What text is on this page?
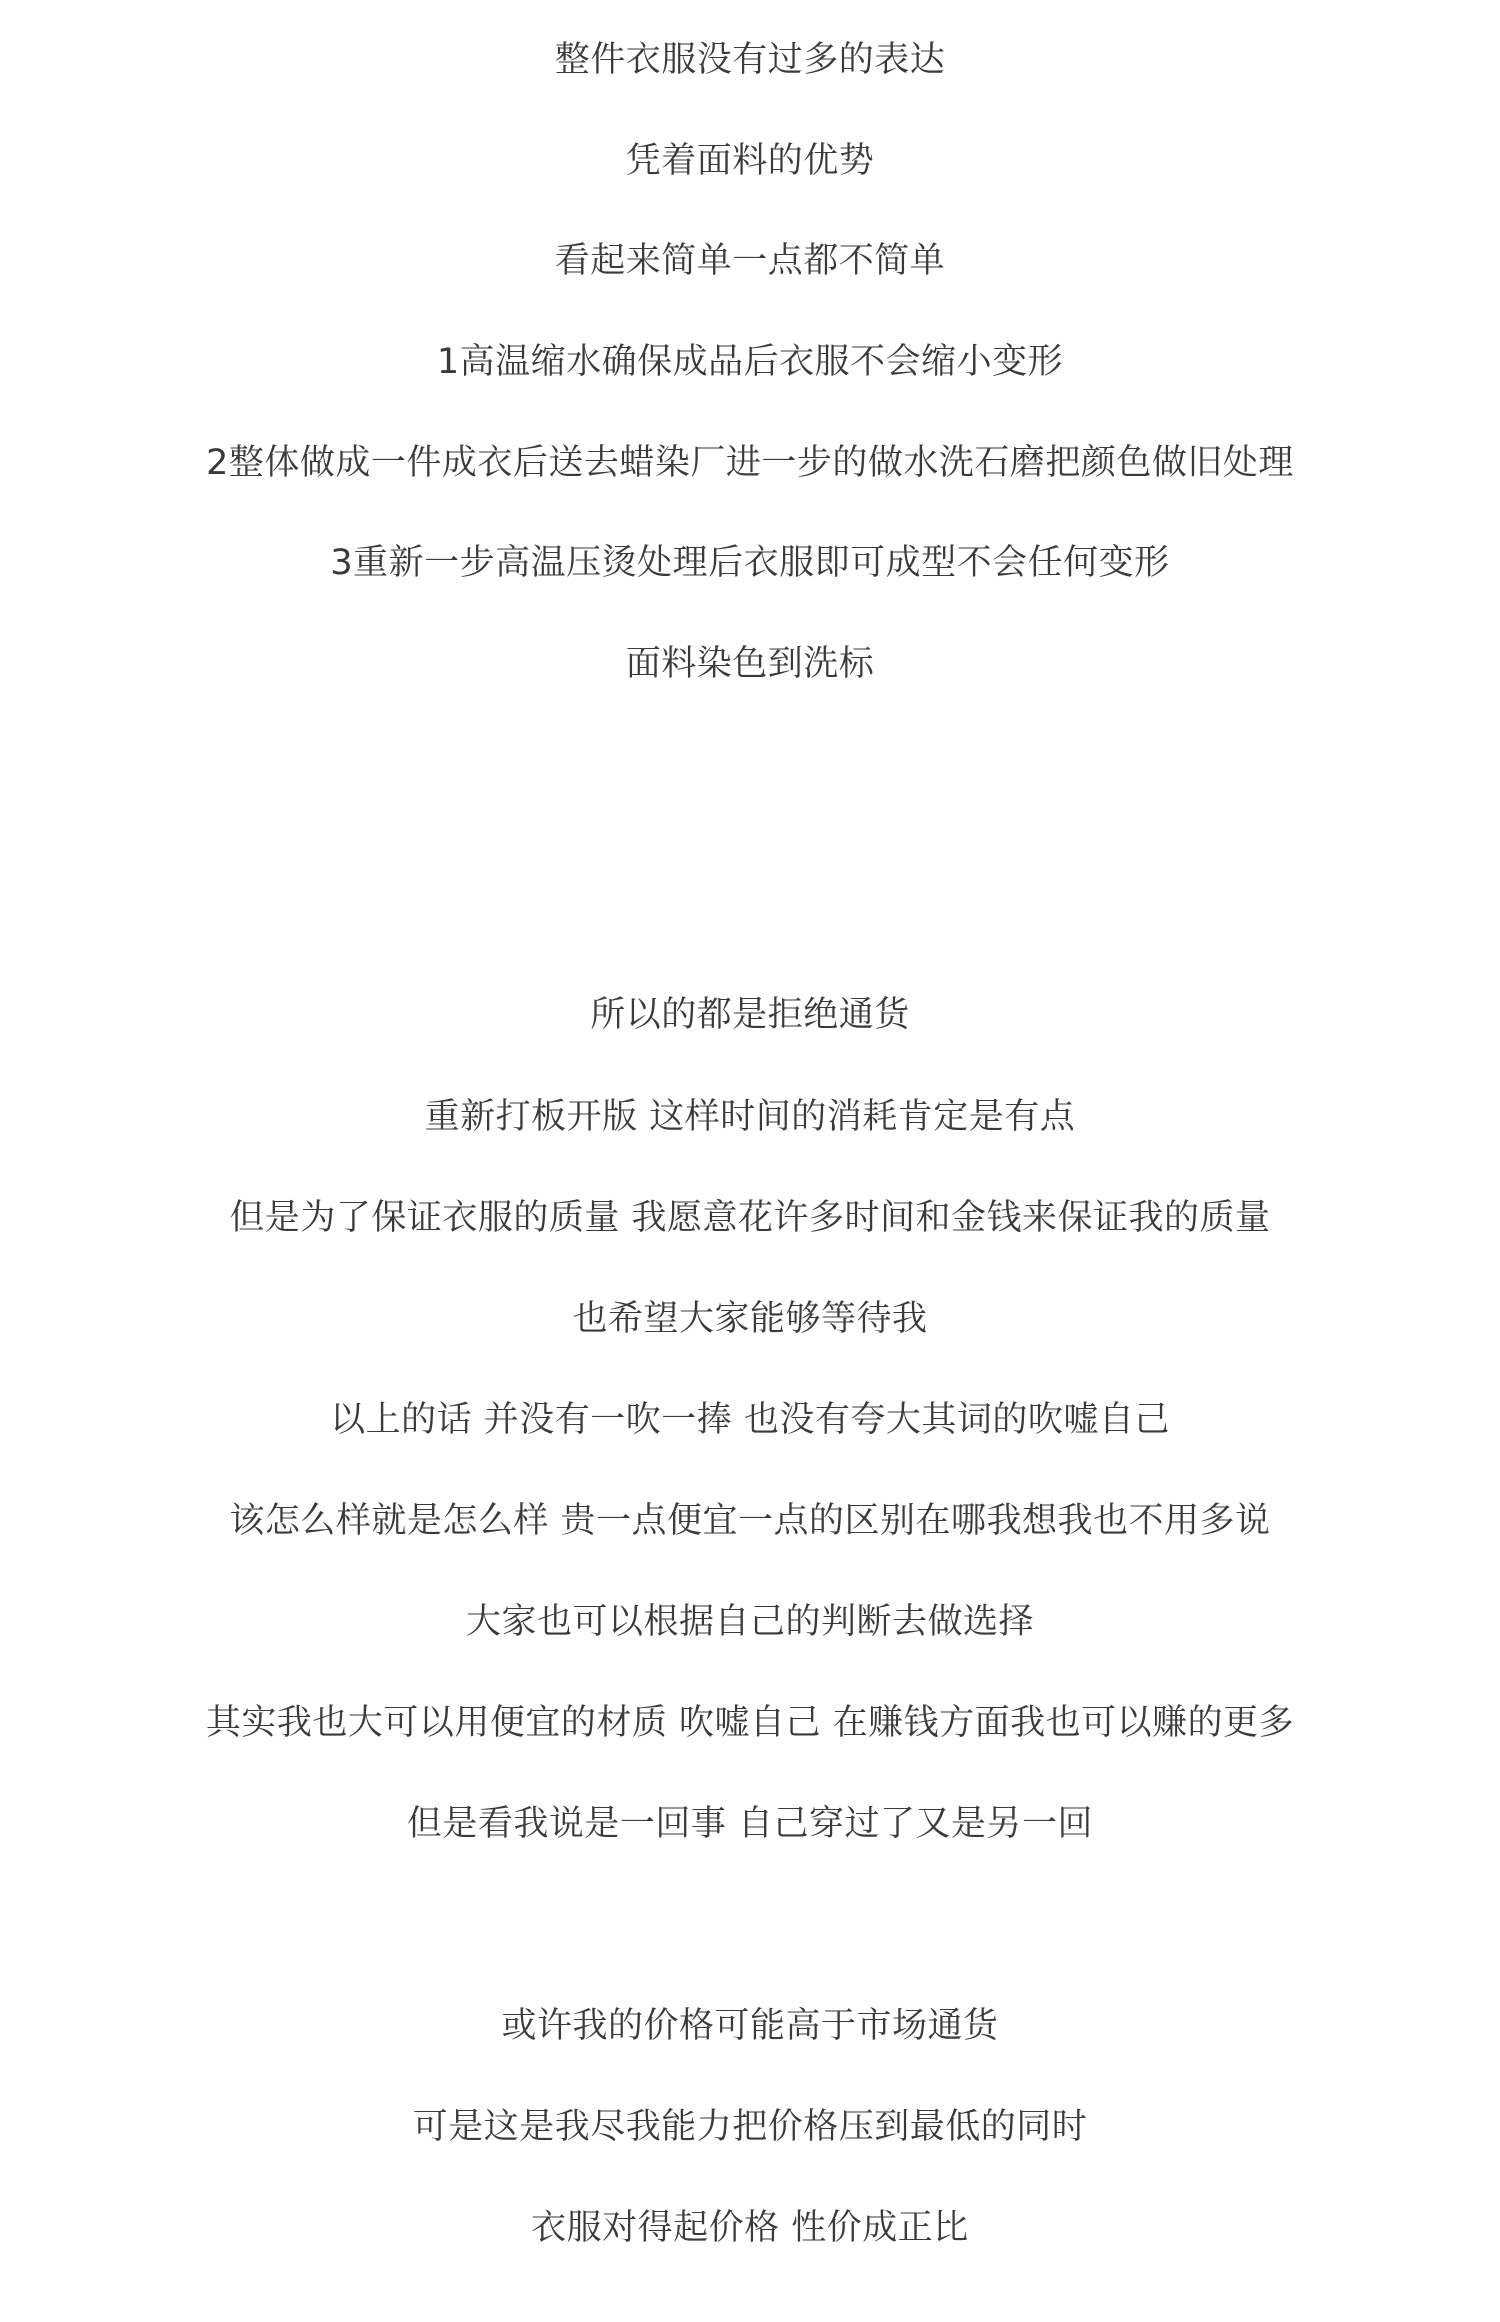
整件衣服没有过多的表达
凭着面料的优势
看起来简单一点都不简单
1高温缩水确保成品后衣服不会缩小变形
2整体做成一件成衣后送去蜡染厂进一步的做水洗石磨把颜色做旧处理
3重新一步高温压烫处理后衣服即可成型不会任何变形
面料染色到洗标
所以的都是拒绝通货
重新打板开版 这样时间的消耗肯定是有点
但是为了保证衣服的质量 我愿意花许多时间和金钱来保证我的质量
也希望大家能够等待我
以上的话 并没有一吹一捧 也没有夸大其词的吹嘘自己
该怎么样就是怎么样 贵一点便宜一点的区别在哪我想我也不用多说
大家也可以根据自己的判断去做选择
其实我也大可以用便宜的材质 吹嘘自己 在赚钱方面我也可以赚的更多
但是看我说是一回事 自己穿过了又是另一回
或许我的价格可能高于市场通货
可是这是我尽我能力把价格压到最低的同时
衣服对得起价格 性价成正比
